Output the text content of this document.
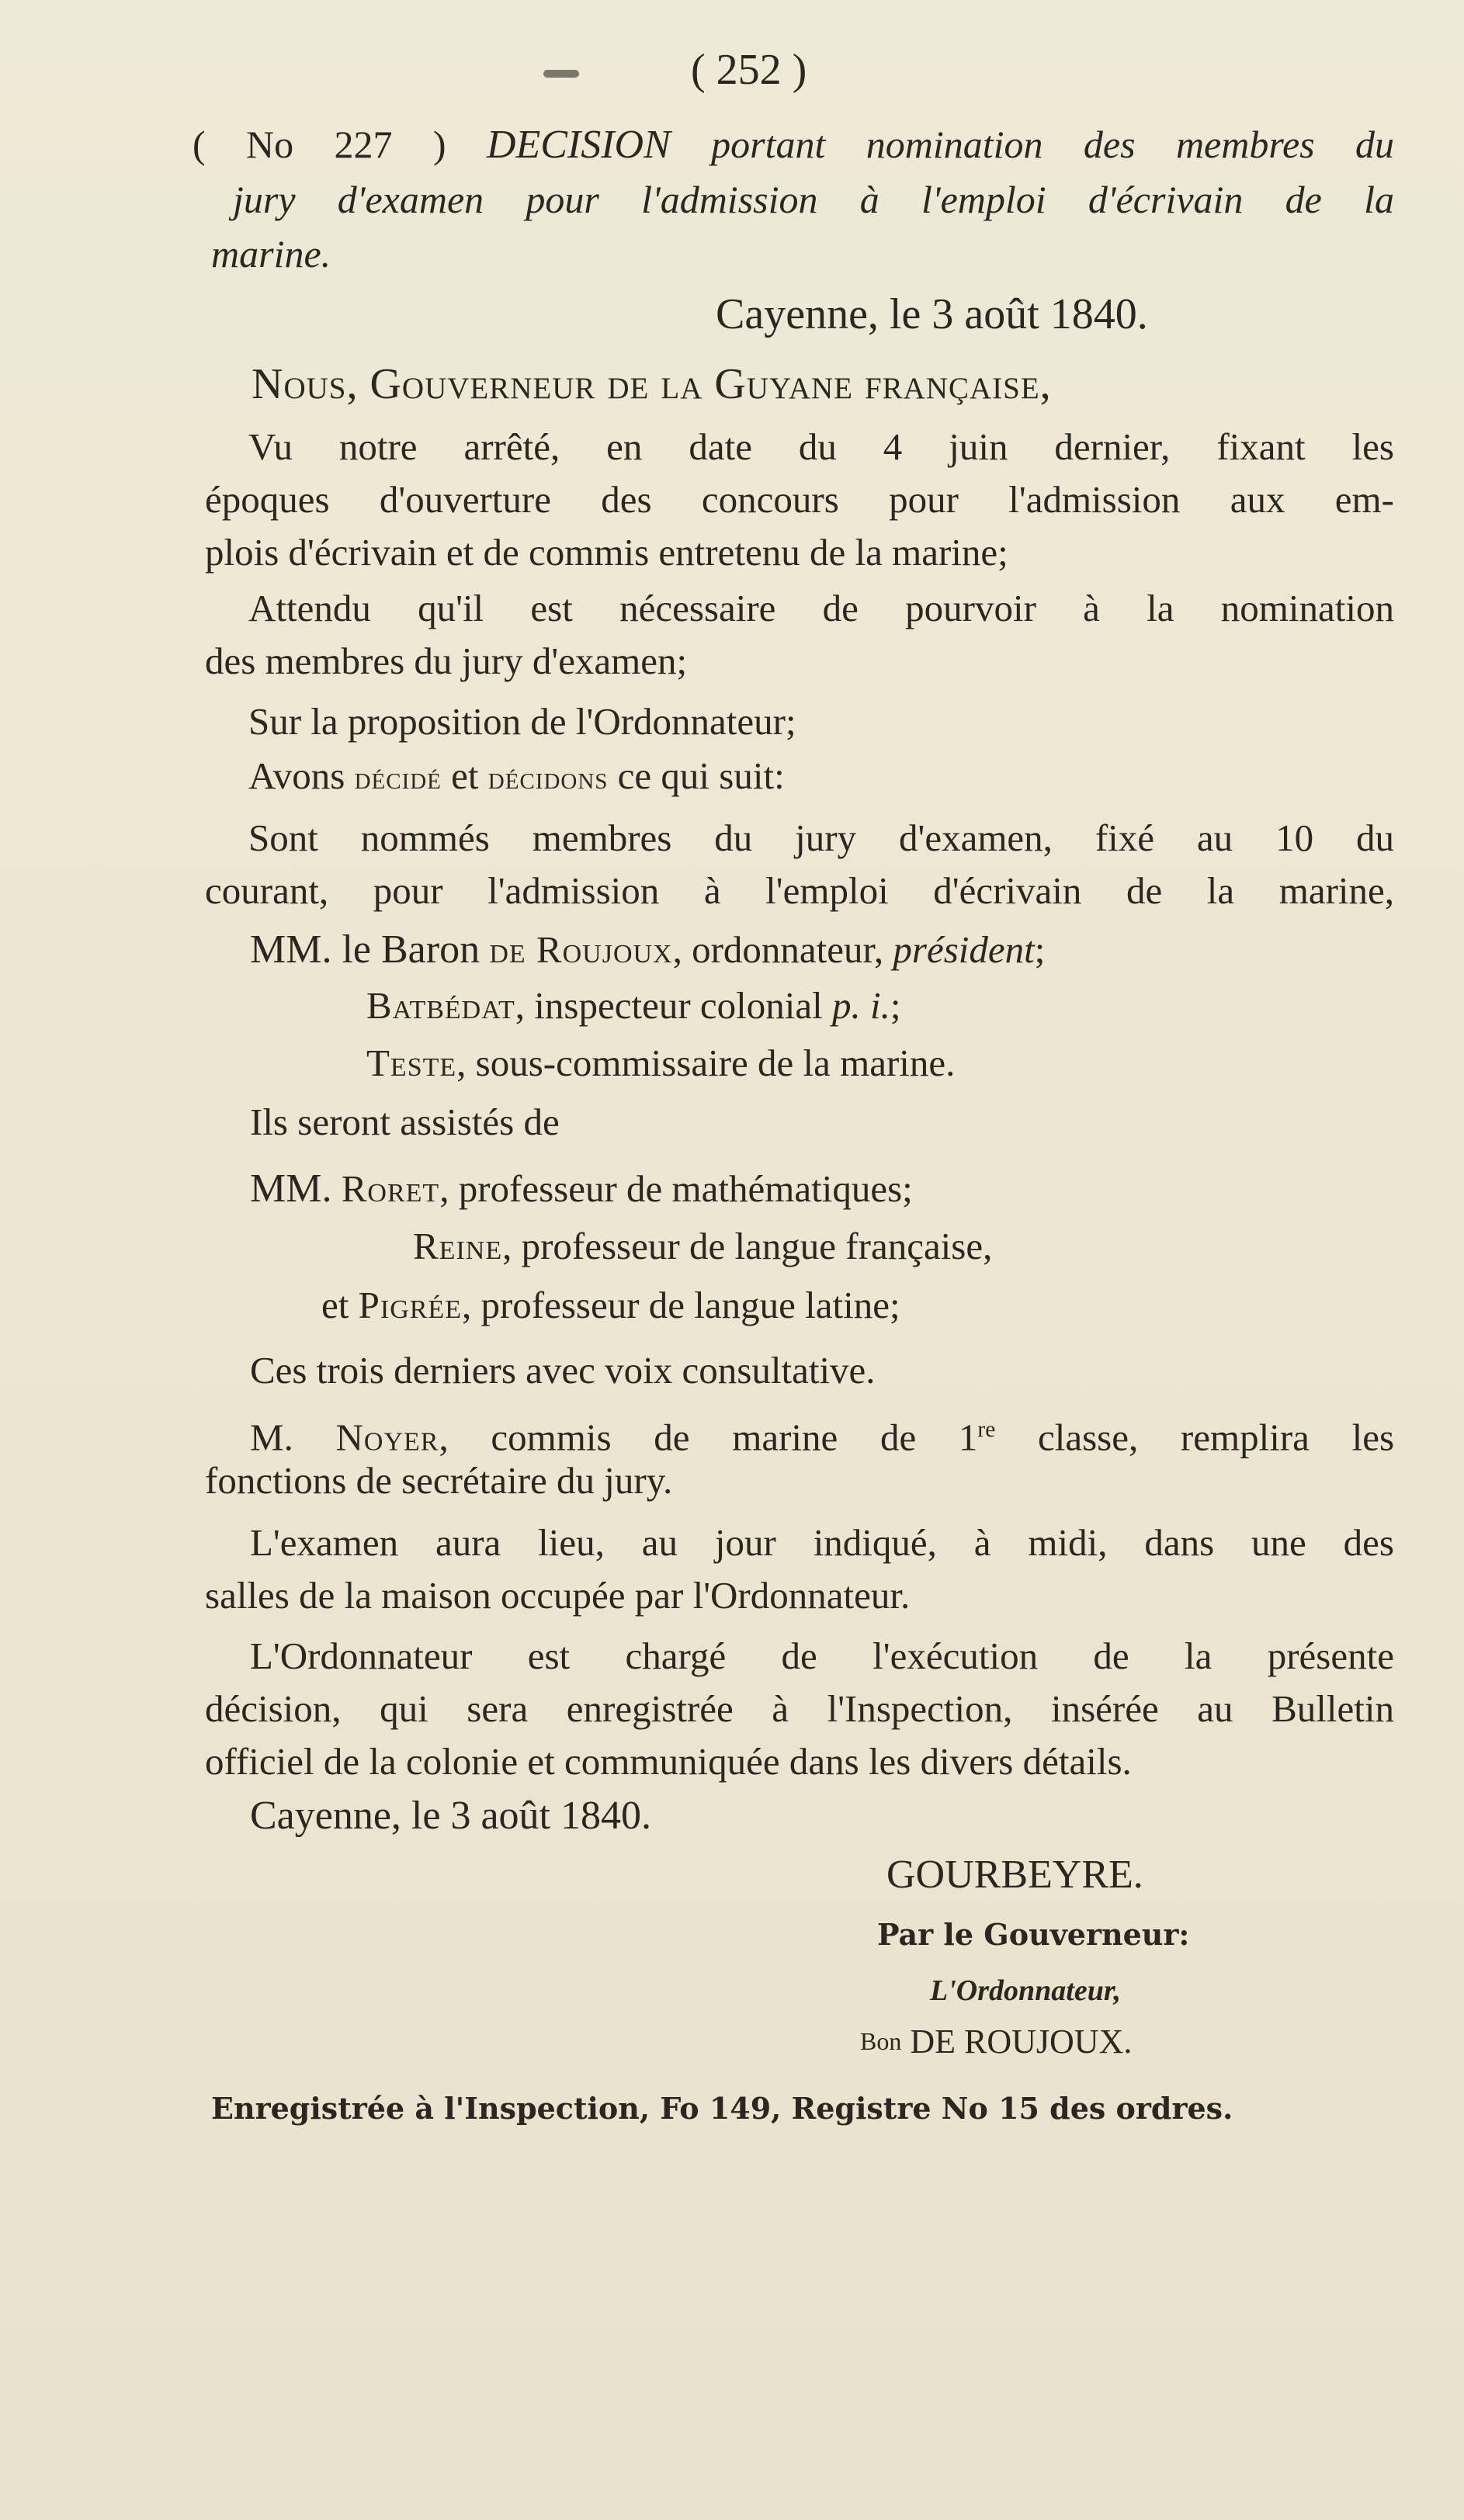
( 252 )
( No 227 ) DECISION portant nomination des membres du
jury d'examen pour l'admission à l'emploi d'écrivain de la
marine.
Cayenne, le 3 août 1840.
Nous, Gouverneur de la Guyane française,
Vu notre arrêté, en date du 4 juin dernier, fixant les
époques d'ouverture des concours pour l'admission aux em-
plois d'écrivain et de commis entretenu de la marine;
Attendu qu'il est nécessaire de pourvoir à la nomination
des membres du jury d'examen;
Sur la proposition de l'Ordonnateur;
Avons décidé et décidons ce qui suit:
Sont nommés membres du jury d'examen, fixé au 10 du
courant, pour l'admission à l'emploi d'écrivain de la marine,
MM. le Baron de Roujoux, ordonnateur, président;
Batbédat, inspecteur colonial p. i.;
Teste, sous-commissaire de la marine.
Ils seront assistés de
MM. Roret, professeur de mathématiques;
Reine, professeur de langue française,
et Pigrée, professeur de langue latine;
Ces trois derniers avec voix consultative.
M. Noyer, commis de marine de 1re classe, remplira les
fonctions de secrétaire du jury.
L'examen aura lieu, au jour indiqué, à midi, dans une des
salles de la maison occupée par l'Ordonnateur.
L'Ordonnateur est chargé de l'exécution de la présente
décision, qui sera enregistrée à l'Inspection, insérée au Bulletin
officiel de la colonie et communiquée dans les divers détails.
Cayenne, le 3 août 1840.
GOURBEYRE.
Par le Gouverneur:
L'Ordonnateur,
Bon DE ROUJOUX.
Enregistrée à l'Inspection, Fo 149, Registre No 15 des ordres.
